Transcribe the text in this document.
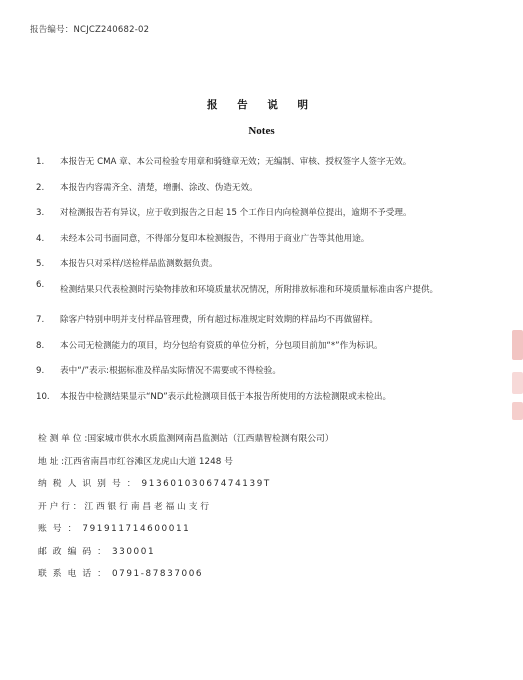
报告编号：NCJCZ240682-02
报 告 说 明
Notes
1.	本报告无 CMA 章、本公司检验专用章和骑缝章无效；无编制、审核、授权签字人签字无效。
2.	本报告内容需齐全、清楚，增删、涂改、伪造无效。
3.	对检测报告若有异议，应于收到报告之日起 15 个工作日内向检测单位提出，逾期不予受理。
4.	未经本公司书面同意，不得部分复印本检测报告，不得用于商业广告等其他用途。
5.	本报告只对采样/送检样品监测数据负责。
6.	检测结果只代表检测时污染物排放和环境质量状况情况，所附排放标准和环境质量标准由客户提供。
7.	除客户特别申明并支付样品管理费，所有超过标准规定时效期的样品均不再做留样。
8.	本公司无检测能力的项目，均分包给有资质的单位分析，分包项目前加“*”作为标识。
9.	表中“/”表示:根据标准及样品实际情况不需要或不得检验。
10.	本报告中检测结果显示“ND”表示此检测项目低于本报告所使用的方法检测限或未检出。
检 测 单 位 :国家城市供水水质监测网南昌监测站（江西鼎智检测有限公司）
地 址 :江西省南昌市红谷滩区龙虎山大道 1248 号
纳 税 人 识 别 号 ： 91360103067474139T
开 户 行 ： 江 西 银 行 南 昌 老 福 山 支 行
账 号 ： 791911714600011
邮 政 编 码 ： 330001
联 系 电 话 ： 0791-87837006
